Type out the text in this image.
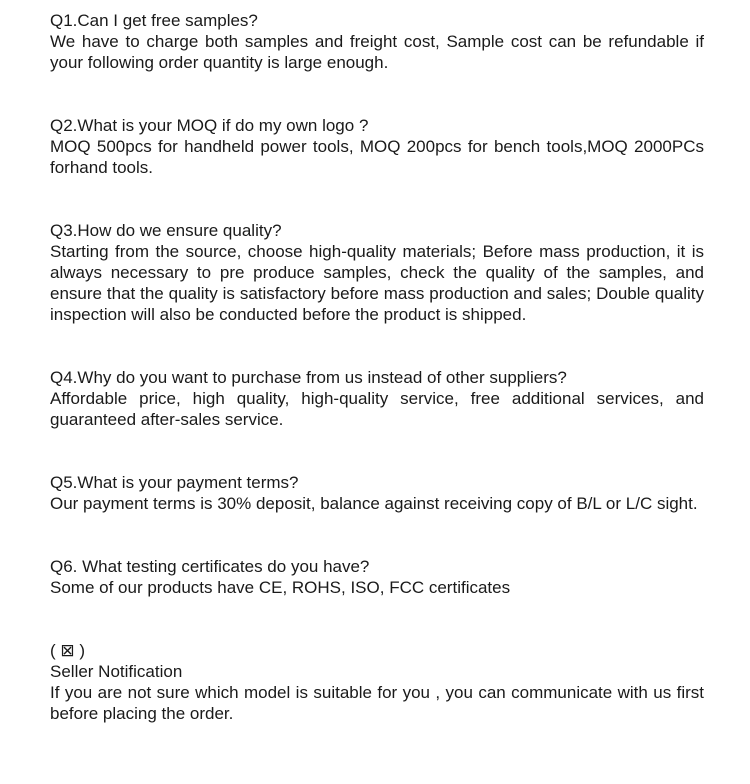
Q1.Can I get free samples?
We have to charge both samples and freight cost, Sample cost can be refundable if your following order quantity is large enough.
Q2.What is your MOQ if do my own logo ?
MOQ 500pcs for handheld power tools, MOQ 200pcs for bench tools,MOQ 2000PCs forhand tools.
Q3.How do we ensure quality?
Starting from the source, choose high-quality materials; Before mass production, it is always necessary to pre produce samples, check the quality of the samples, and ensure that the quality is satisfactory before mass production and sales; Double quality inspection will also be conducted before the product is shipped.
Q4.Why do you want to purchase from us instead of other suppliers?
Affordable price, high quality, high-quality service, free additional services, and guaranteed after-sales service.
Q5.What is your payment terms?
Our payment terms is 30% deposit, balance against receiving copy of B/L or L/C sight.
Q6. What testing certificates do you have?
Some of our products have CE, ROHS, ISO, FCC certificates
( ⊠ )
Seller Notification
If you are not sure which model is suitable for you , you can communicate with us first before placing the order.
